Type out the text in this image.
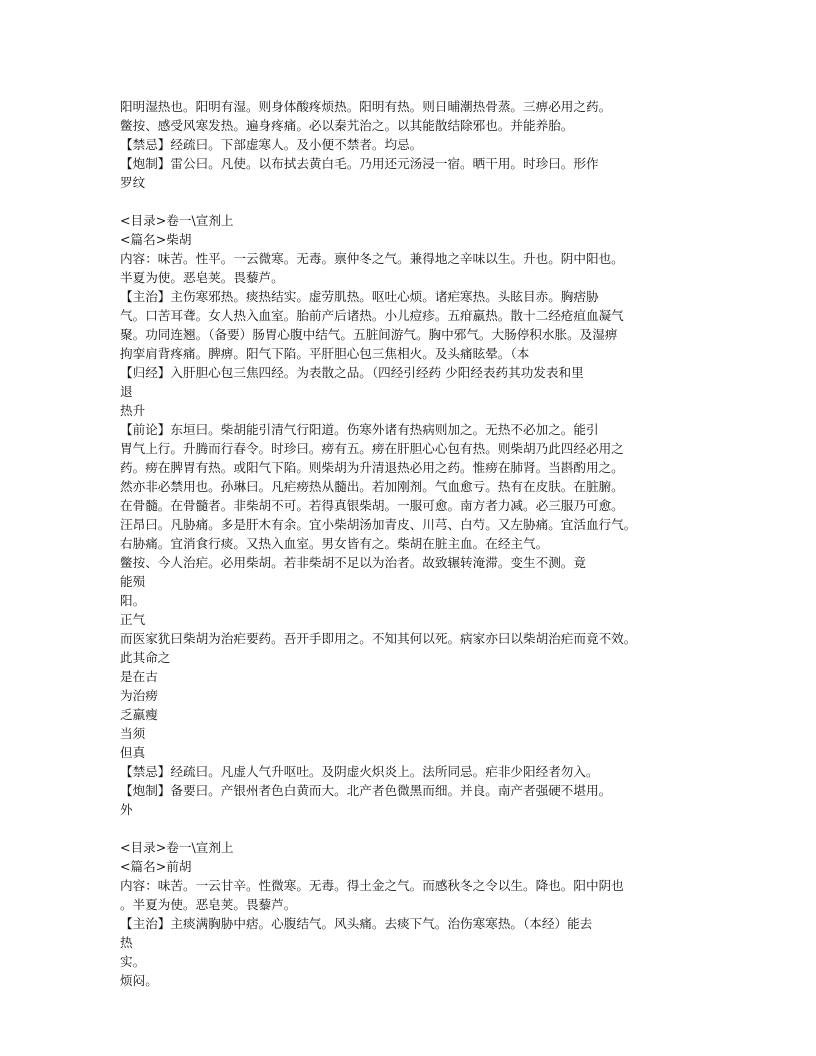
阳明湿热也。阳明有湿。则身体酸疼烦热。阳明有热。则日晡潮热骨蒸。三痹必用之药。
鳖按、感受风寒发热。遍身疼痛。必以秦艽治之。以其能散结除邪也。并能养胎。
【禁忌】经疏曰。下部虚寒人。及小便不禁者。均忌。
【炮制】雷公曰。凡使。以布拭去黄白毛。乃用还元汤浸一宿。晒干用。时珍曰。形作
罗纹
<目录>卷一\宣剂上
<篇名>柴胡
内容：味苦。性平。一云微寒。无毒。禀仲冬之气。兼得地之辛味以生。升也。阴中阳也。
半夏为使。恶皂荚。畏藜芦。
【主治】主伤寒邪热。痰热结实。虚劳肌热。呕吐心烦。诸疟寒热。头眩目赤。胸痞胁
气。口苦耳聋。女人热入血室。胎前产后诸热。小儿痘疹。五疳羸热。散十二经疮疽血凝气
聚。功同连翘。（备要）肠胃心腹中结气。五脏间游气。胸中邪气。大肠停积水胀。及湿痹
拘挛肩背疼痛。脾痹。阳气下陷。平肝胆心包三焦相火。及头痛眩晕。（本
【归经】入肝胆心包三焦四经。为表散之品。（四经引经药 少阳经表药其功发表和里
退
热升
【前论】东垣曰。柴胡能引清气行阳道。伤寒外诸有热病则加之。无热不必加之。能引
胃气上行。升腾而行春令。时珍曰。痨有五。痨在肝胆心心包有热。则柴胡乃此四经必用之
药。痨在脾胃有热。或阳气下陷。则柴胡为升清退热必用之药。惟痨在肺肾。当斟酌用之。
然亦非必禁用也。孙琳曰。凡疟痨热从髓出。若加刚剂。气血愈亏。热有在皮肤。在脏腑。
在骨髓。在骨髓者。非柴胡不可。若得真银柴胡。一服可愈。南方者力减。必三服乃可愈。
汪昂曰。凡胁痛。多是肝木有余。宜小柴胡汤加青皮、川芎、白芍。又左胁痛。宜活血行气。
右胁痛。宜消食行痰。又热入血室。男女皆有之。柴胡在脏主血。在经主气。
鳖按、今人治疟。必用柴胡。若非柴胡不足以为治者。故致辗转淹滞。变生不测。竟
能殒
阳。
正气
而医家犹曰柴胡为治疟要药。吾开手即用之。不知其何以死。病家亦曰以柴胡治疟而竟不效。
此其命之
是在古
为治痨
乏羸瘦
当须
但真
【禁忌】经疏曰。凡虚人气升呕吐。及阴虚火炽炎上。法所同忌。疟非少阳经者勿入。
【炮制】备要曰。产银州者色白黄而大。北产者色微黑而细。并良。南产者强硬不堪用。
外
<目录>卷一\宣剂上
<篇名>前胡
内容：味苦。一云甘辛。性微寒。无毒。得土金之气。而感秋冬之令以生。降也。阳中阴也
。半夏为使。恶皂荚。畏藜芦。
【主治】主痰满胸胁中痞。心腹结气。风头痛。去痰下气。治伤寒寒热。（本经）能去
热
实。
烦闷。
